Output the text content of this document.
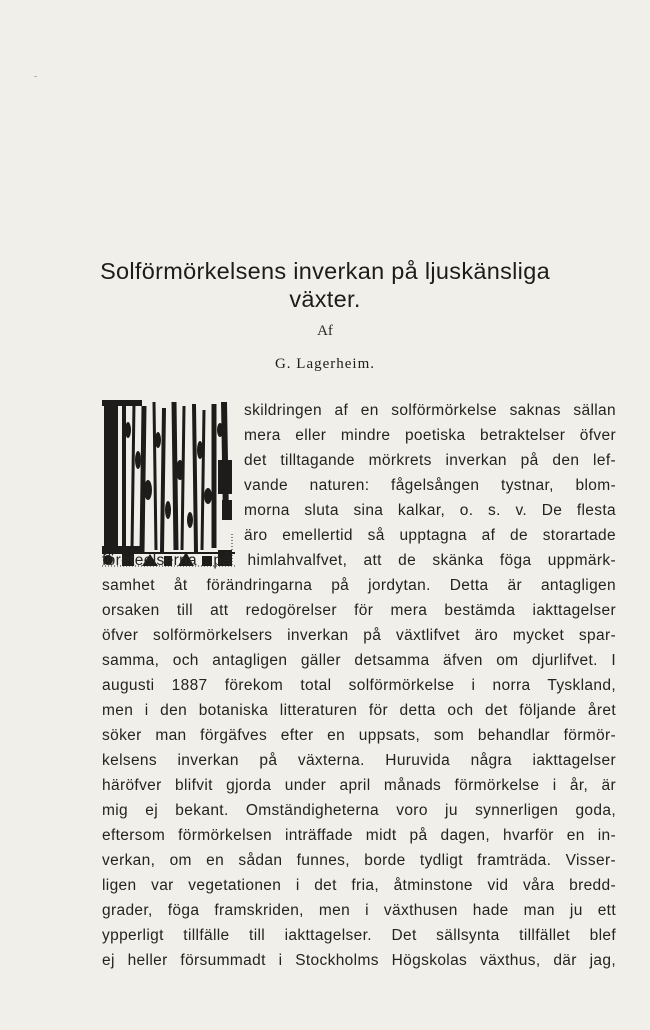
Solförmörkelsens inverkan på ljuskänsliga
växter.
Af
G. Lagerheim.
skildringen af en solförmörkelse saknas sällan
mera eller mindre poetiska betraktelser öfver
det tilltagande mörkrets inverkan på den lef-
vande naturen: fågelsången tystnar, blom-
morna sluta sina kalkar, o. s. v. De flesta
äro emellertid så upptagna af de storartade
företeelserna på himlahvalfvet, att de skänka föga uppmärk-
samhet åt förändringarna på jordytan. Detta är antagligen
orsaken till att redogörelser för mera bestämda iakttagelser
öfver solförmörkelsers inverkan på växtlifvet äro mycket spar-
samma, och antagligen gäller detsamma äfven om djurlifvet. I
augusti 1887 förekom total solförmörkelse i norra Tyskland,
men i den botaniska litteraturen för detta och det följande året
söker man förgäfves efter en uppsats, som behandlar förmör-
kelsens inverkan på växterna. Huruvida några iakttagelser
häröfver blifvit gjorda under april månads förmörkelse i år, är
mig ej bekant. Omständigheterna voro ju synnerligen goda,
eftersom förmörkelsen inträffade midt på dagen, hvarför en in-
verkan, om en sådan funnes, borde tydligt framträda. Visser-
ligen var vegetationen i det fria, åtminstone vid våra bredd-
grader, föga framskriden, men i växthusen hade man ju ett
ypperligt tillfälle till iakttagelser. Det sällsynta tillfället blef
ej heller försummadt i Stockholms Högskolas växthus, där jag,
